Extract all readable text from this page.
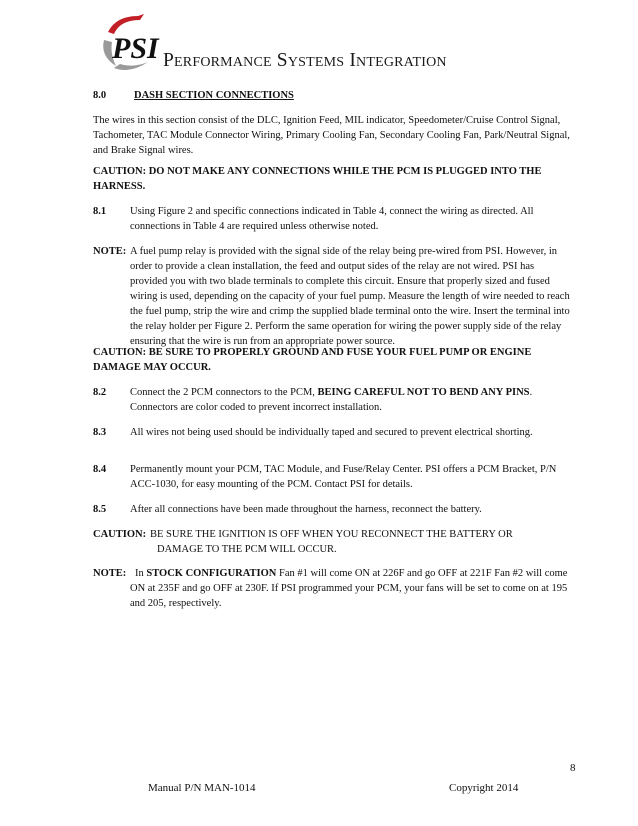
PSI Performance Systems Integration
8.0	DASH SECTION CONNECTIONS
The wires in this section consist of the DLC, Ignition Feed, MIL indicator, Speedometer/Cruise Control Signal, Tachometer, TAC Module Connector Wiring, Primary Cooling Fan, Secondary Cooling Fan, Park/Neutral Signal, and Brake Signal wires.
CAUTION: DO NOT MAKE ANY CONNECTIONS WHILE THE PCM IS PLUGGED INTO THE HARNESS.
8.1 Using Figure 2 and specific connections indicated in Table 4, connect the wiring as directed. All connections in Table 4 are required unless otherwise noted.
NOTE: A fuel pump relay is provided with the signal side of the relay being pre-wired from PSI. However, in order to provide a clean installation, the feed and output sides of the relay are not wired. PSI has provided you with two blade terminals to complete this circuit. Ensure that properly sized and fused wiring is used, depending on the capacity of your fuel pump. Measure the length of wire needed to reach the fuel pump, strip the wire and crimp the supplied blade terminal onto the wire. Insert the terminal into the relay holder per Figure 2. Perform the same operation for wiring the power supply side of the relay ensuring that the wire is run from an appropriate power source.
CAUTION: BE SURE TO PROPERLY GROUND AND FUSE YOUR FUEL PUMP OR ENGINE DAMAGE MAY OCCUR.
8.2 Connect the 2 PCM connectors to the PCM, BEING CAREFUL NOT TO BEND ANY PINS. Connectors are color coded to prevent incorrect installation.
8.3 All wires not being used should be individually taped and secured to prevent electrical shorting.
8.4 Permanently mount your PCM, TAC Module, and Fuse/Relay Center. PSI offers a PCM Bracket, P/N ACC-1030, for easy mounting of the PCM. Contact PSI for details.
8.5 After all connections have been made throughout the harness, reconnect the battery.
CAUTION: BE SURE THE IGNITION IS OFF WHEN YOU RECONNECT THE BATTERY OR
DAMAGE TO THE PCM WILL OCCUR.
NOTE: In STOCK CONFIGURATION Fan #1 will come ON at 226F and go OFF at 221F Fan #2 will come ON at 235F and go OFF at 230F. If PSI programmed your PCM, your fans will be set to come on at 195 and 205, respectively.
8
Manual P/N MAN-1014	Copyright 2014
